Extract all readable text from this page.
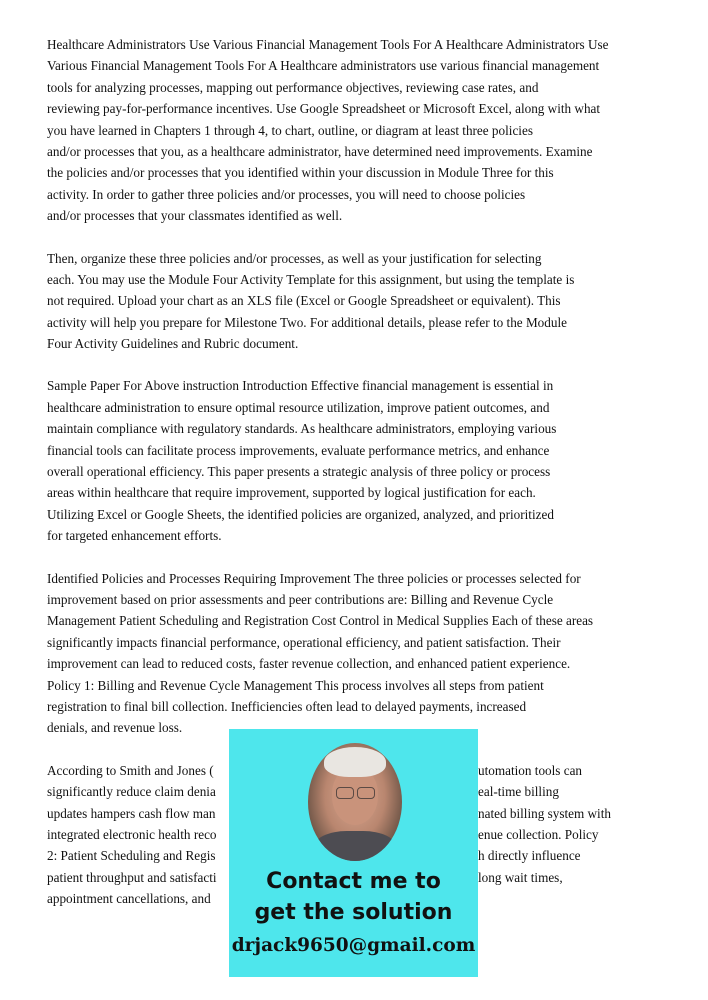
Healthcare Administrators Use Various Financial Management Tools For A Healthcare Administrators Use
Various Financial Management Tools For A Healthcare administrators use various financial management
tools for analyzing processes, mapping out performance objectives, reviewing case rates, and
reviewing pay-for-performance incentives. Use Google Spreadsheet or Microsoft Excel, along with what
you have learned in Chapters 1 through 4, to chart, outline, or diagram at least three policies
and/or processes that you, as a healthcare administrator, have determined need improvements. Examine
the policies and/or processes that you identified within your discussion in Module Three for this
activity. In order to gather three policies and/or processes, you will need to choose policies
and/or processes that your classmates identified as well.
Then, organize these three policies and/or processes, as well as your justification for selecting
each. You may use the Module Four Activity Template for this assignment, but using the template is
not required. Upload your chart as an XLS file (Excel or Google Spreadsheet or equivalent). This
activity will help you prepare for Milestone Two. For additional details, please refer to the Module
Four Activity Guidelines and Rubric document.
Sample Paper For Above instruction Introduction Effective financial management is essential in
healthcare administration to ensure optimal resource utilization, improve patient outcomes, and
maintain compliance with regulatory standards. As healthcare administrators, employing various
financial tools can facilitate process improvements, evaluate performance metrics, and enhance
overall operational efficiency. This paper presents a strategic analysis of three policy or process
areas within healthcare that require improvement, supported by logical justification for each.
Utilizing Excel or Google Sheets, the identified policies are organized, analyzed, and prioritized
for targeted enhancement efforts.
Identified Policies and Processes Requiring Improvement The three policies or processes selected for
improvement based on prior assessments and peer contributions are: Billing and Revenue Cycle
Management Patient Scheduling and Registration Cost Control in Medical Supplies Each of these areas
significantly impacts financial performance, operational efficiency, and patient satisfaction. Their
improvement can lead to reduced costs, faster revenue collection, and enhanced patient experience.
Policy 1: Billing and Revenue Cycle Management This process involves all steps from patient
registration to final bill collection. Inefficiencies often lead to delayed payments, increased
denials, and revenue loss.
According to Smith and Jones (	utomation tools can
significantly reduce claim denia	eal-time billing
updates hampers cash flow man	nated billing system with
integrated electronic health reco	enue collection. Policy
2: Patient Scheduling and Regis	h directly influence
patient throughput and satisfacti	long wait times,
appointment cancellations, and
Contact me to
get the solution
drjack9650@gmail.com
